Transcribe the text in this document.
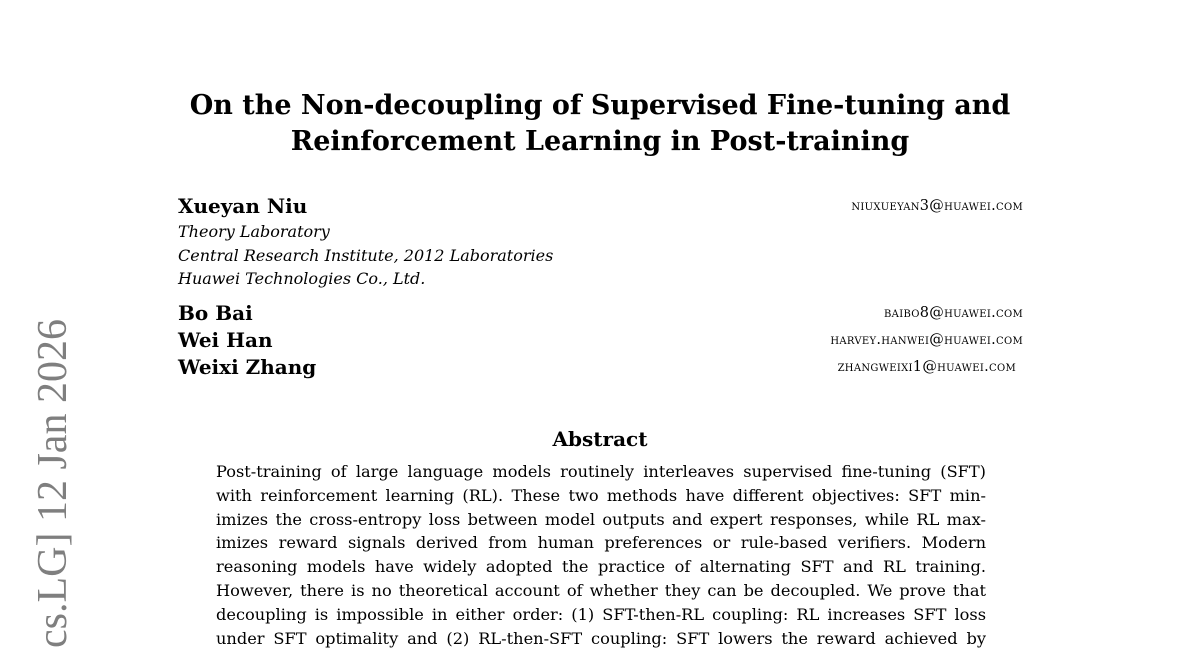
On the Non-decoupling of Supervised Fine-tuning and
Reinforcement Learning in Post-training
Xueyan Niu	niuxueyan3@huawei.com
Theory Laboratory
Central Research Institute, 2012 Laboratories
Huawei Technologies Co., Ltd.
Bo Bai	baibo8@huawei.com
Wei Han	harvey.hanwei@huawei.com
Weixi Zhang	zhangweixi1@huawei.com
Abstract
Post-training of large language models routinely interleaves supervised fine-tuning (SFT)
with reinforcement learning (RL). These two methods have different objectives: SFT min-
imizes the cross-entropy loss between model outputs and expert responses, while RL max-
imizes reward signals derived from human preferences or rule-based verifiers. Modern
reasoning models have widely adopted the practice of alternating SFT and RL training.
However, there is no theoretical account of whether they can be decoupled. We prove that
decoupling is impossible in either order: (1) SFT-then-RL coupling: RL increases SFT loss
under SFT optimality and (2) RL-then-SFT coupling: SFT lowers the reward achieved by
cs.LG] 12 Jan 2026
